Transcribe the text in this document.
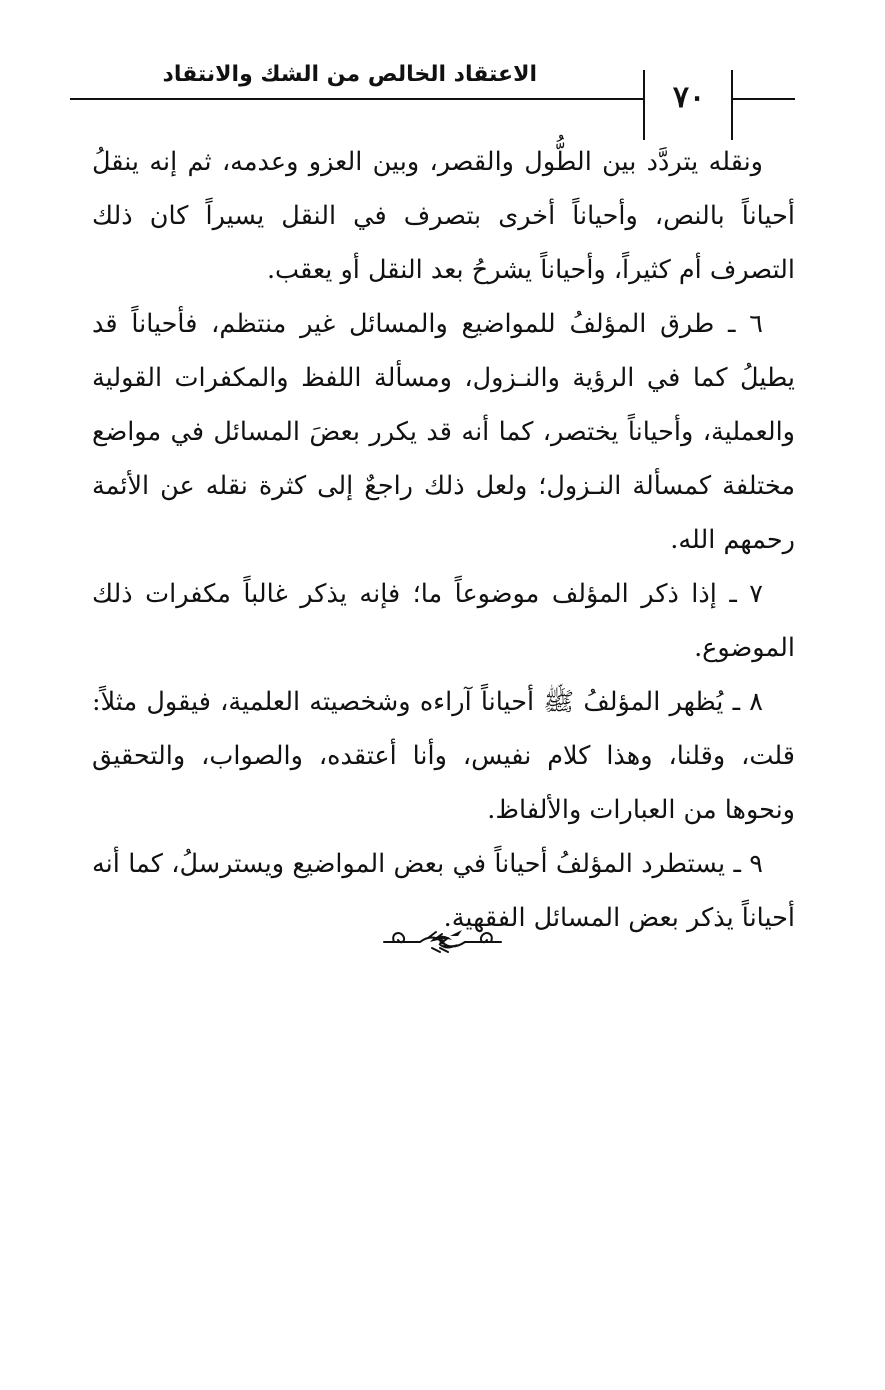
الاعتقاد الخالص من الشك والانتقاد
٧٠

ونقله يتردَّد بين الطُّول والقصر، وبين العزو وعدمه، ثم إنه ينقلُ أحياناً بالنص، وأحياناً أخرى بتصرف في النقل يسيراً كان ذلك التصرف أم كثيراً، وأحياناً يشرحُ بعد النقل أو يعقب.

٦ ـ طرق المؤلفُ للمواضيع والمسائل غير منتظم، فأحياناً قد يطيلُ كما في الرؤية والنـزول، ومسألة اللفظ والمكفرات القولية والعملية، وأحياناً يختصر، كما أنه قد يكرر بعضَ المسائل في مواضع مختلفة كمسألة النـزول؛ ولعل ذلك راجعٌ إلى كثرة نقله عن الأئمة رحمهم الله.

٧ ـ إذا ذكر المؤلف موضوعاً ما؛ فإنه يذكر غالباً مكفرات ذلك الموضوع.

٨ ـ يُظهر المؤلفُ ﷺ أحياناً آراءه وشخصيته العلمية، فيقول مثلاً: قلت، وقلنا، وهذا كلام نفيس، وأنا أعتقده، والصواب، والتحقيق ونحوها من العبارات والألفاظ.

٩ ـ يستطرد المؤلفُ أحياناً في بعض المواضيع ويسترسلُ، كما أنه أحياناً يذكر بعض المسائل الفقهية.
